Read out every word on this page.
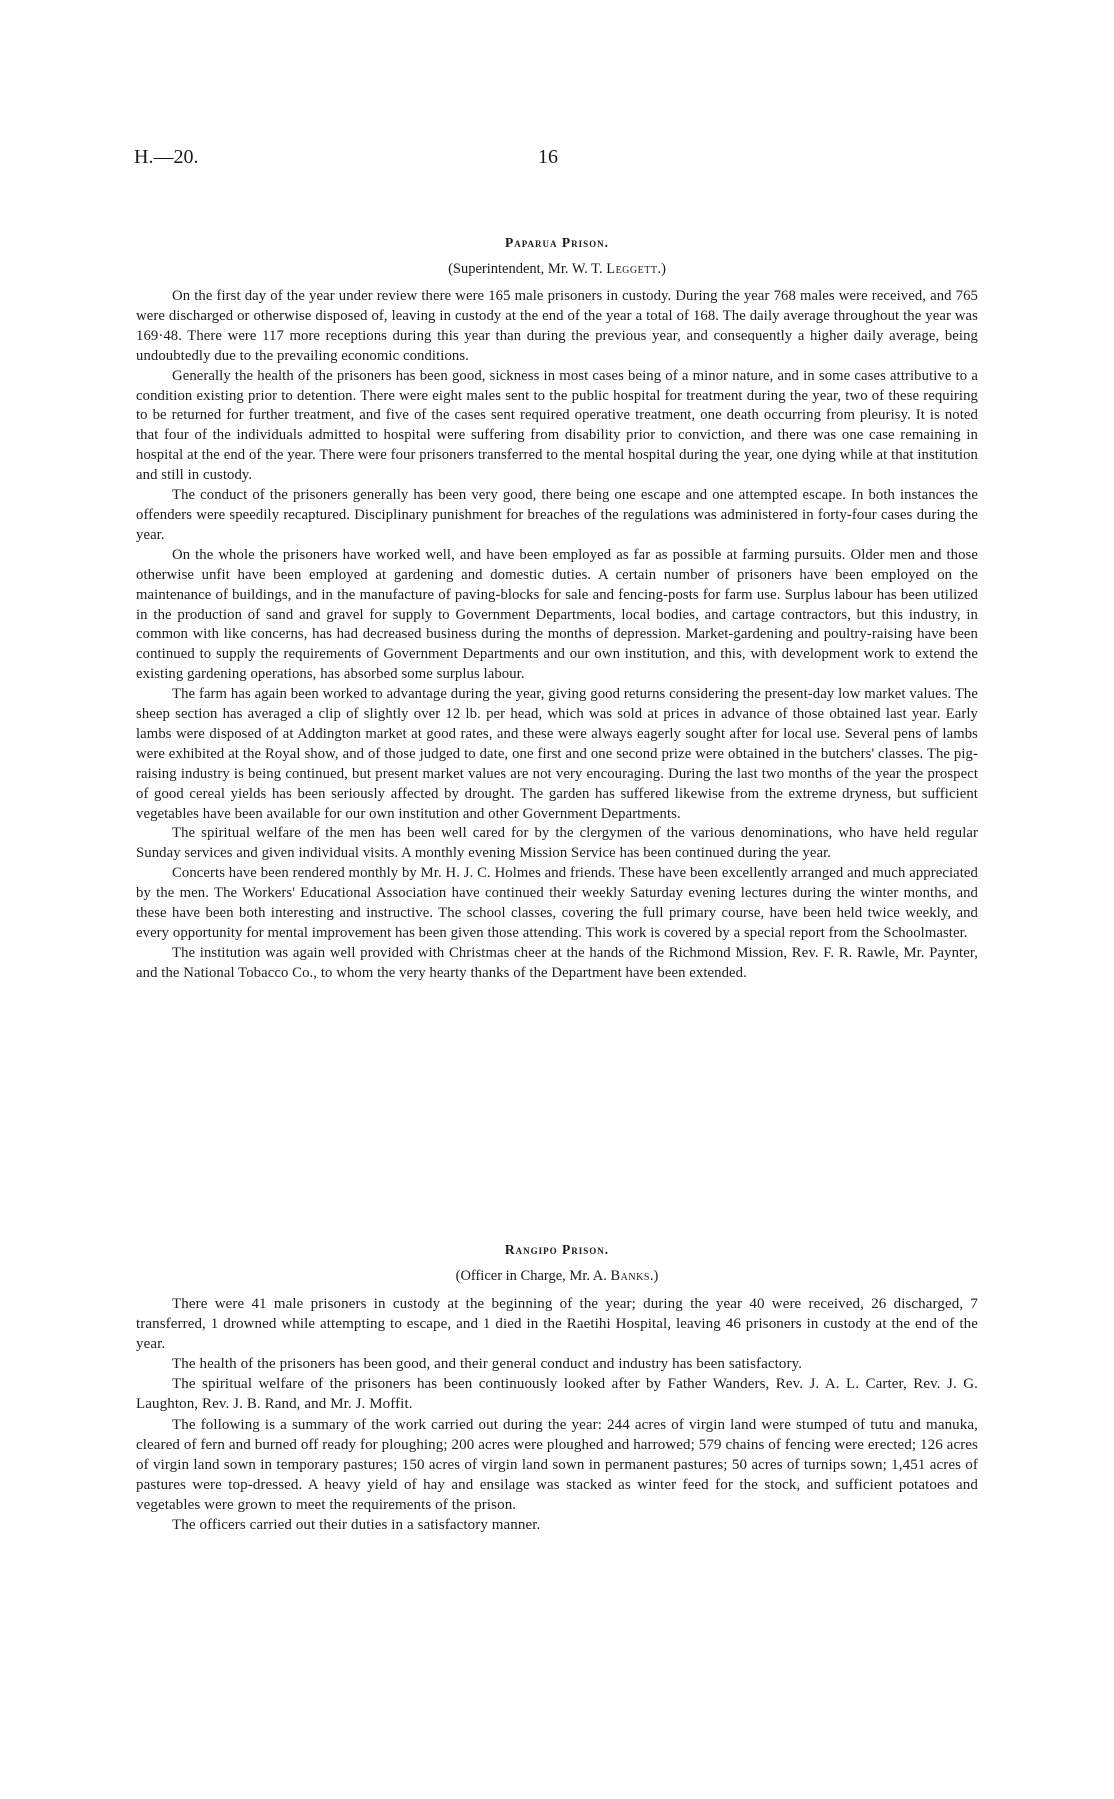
H.—20.	16
Paparua Prison.
(Superintendent, Mr. W. T. Leggett.)

On the first day of the year under review there were 165 male prisoners in custody. During the year 768 males were received, and 765 were discharged or otherwise disposed of, leaving in custody at the end of the year a total of 168. The daily average throughout the year was 169·48. There were 117 more receptions during this year than during the previous year, and consequently a higher daily average, being undoubtedly due to the prevailing economic conditions.

Generally the health of the prisoners has been good, sickness in most cases being of a minor nature, and in some cases attributive to a condition existing prior to detention. There were eight males sent to the public hospital for treatment during the year, two of these requiring to be returned for further treatment, and five of the cases sent required operative treatment, one death occurring from pleurisy. It is noted that four of the individuals admitted to hospital were suffering from disability prior to conviction, and there was one case remaining in hospital at the end of the year. There were four prisoners transferred to the mental hospital during the year, one dying while at that institution and still in custody.

The conduct of the prisoners generally has been very good, there being one escape and one attempted escape. In both instances the offenders were speedily recaptured. Disciplinary punishment for breaches of the regulations was administered in forty-four cases during the year.

On the whole the prisoners have worked well, and have been employed as far as possible at farming pursuits. Older men and those otherwise unfit have been employed at gardening and domestic duties. A certain number of prisoners have been employed on the maintenance of buildings, and in the manufacture of paving-blocks for sale and fencing-posts for farm use. Surplus labour has been utilized in the production of sand and gravel for supply to Government Departments, local bodies, and cartage contractors, but this industry, in common with like concerns, has had decreased business during the months of depression. Market-gardening and poultry-raising have been continued to supply the requirements of Government Departments and our own institution, and this, with development work to extend the existing gardening operations, has absorbed some surplus labour.

The farm has again been worked to advantage during the year, giving good returns considering the present-day low market values. The sheep section has averaged a clip of slightly over 12 lb. per head, which was sold at prices in advance of those obtained last year. Early lambs were disposed of at Addington market at good rates, and these were always eagerly sought after for local use. Several pens of lambs were exhibited at the Royal show, and of those judged to date, one first and one second prize were obtained in the butchers' classes. The pig-raising industry is being continued, but present market values are not very encouraging. During the last two months of the year the prospect of good cereal yields has been seriously affected by drought. The garden has suffered likewise from the extreme dryness, but sufficient vegetables have been available for our own institution and other Government Departments.

The spiritual welfare of the men has been well cared for by the clergymen of the various denominations, who have held regular Sunday services and given individual visits. A monthly evening Mission Service has been continued during the year.

Concerts have been rendered monthly by Mr. H. J. C. Holmes and friends. These have been excellently arranged and much appreciated by the men. The Workers' Educational Association have continued their weekly Saturday evening lectures during the winter months, and these have been both interesting and instructive. The school classes, covering the full primary course, have been held twice weekly, and every opportunity for mental improvement has been given those attending. This work is covered by a special report from the Schoolmaster.

The institution was again well provided with Christmas cheer at the hands of the Richmond Mission, Rev. F. R. Rawle, Mr. Paynter, and the National Tobacco Co., to whom the very hearty thanks of the Department have been extended.

Rangipo Prison.
(Officer in Charge, Mr. A. Banks.)

There were 41 male prisoners in custody at the beginning of the year; during the year 40 were received, 26 discharged, 7 transferred, 1 drowned while attempting to escape, and 1 died in the Raetihi Hospital, leaving 46 prisoners in custody at the end of the year.

The health of the prisoners has been good, and their general conduct and industry has been satisfactory.

The spiritual welfare of the prisoners has been continuously looked after by Father Wanders, Rev. J. A. L. Carter, Rev. J. G. Laughton, Rev. J. B. Rand, and Mr. J. Moffit.

The following is a summary of the work carried out during the year: 244 acres of virgin land were stumped of tutu and manuka, cleared of fern and burned off ready for ploughing; 200 acres were ploughed and harrowed; 579 chains of fencing were erected; 126 acres of virgin land sown in temporary pastures; 150 acres of virgin land sown in permanent pastures; 50 acres of turnips sown; 1,451 acres of pastures were top-dressed. A heavy yield of hay and ensilage was stacked as winter feed for the stock, and sufficient potatoes and vegetables were grown to meet the requirements of the prison.

The officers carried out their duties in a satisfactory manner.
